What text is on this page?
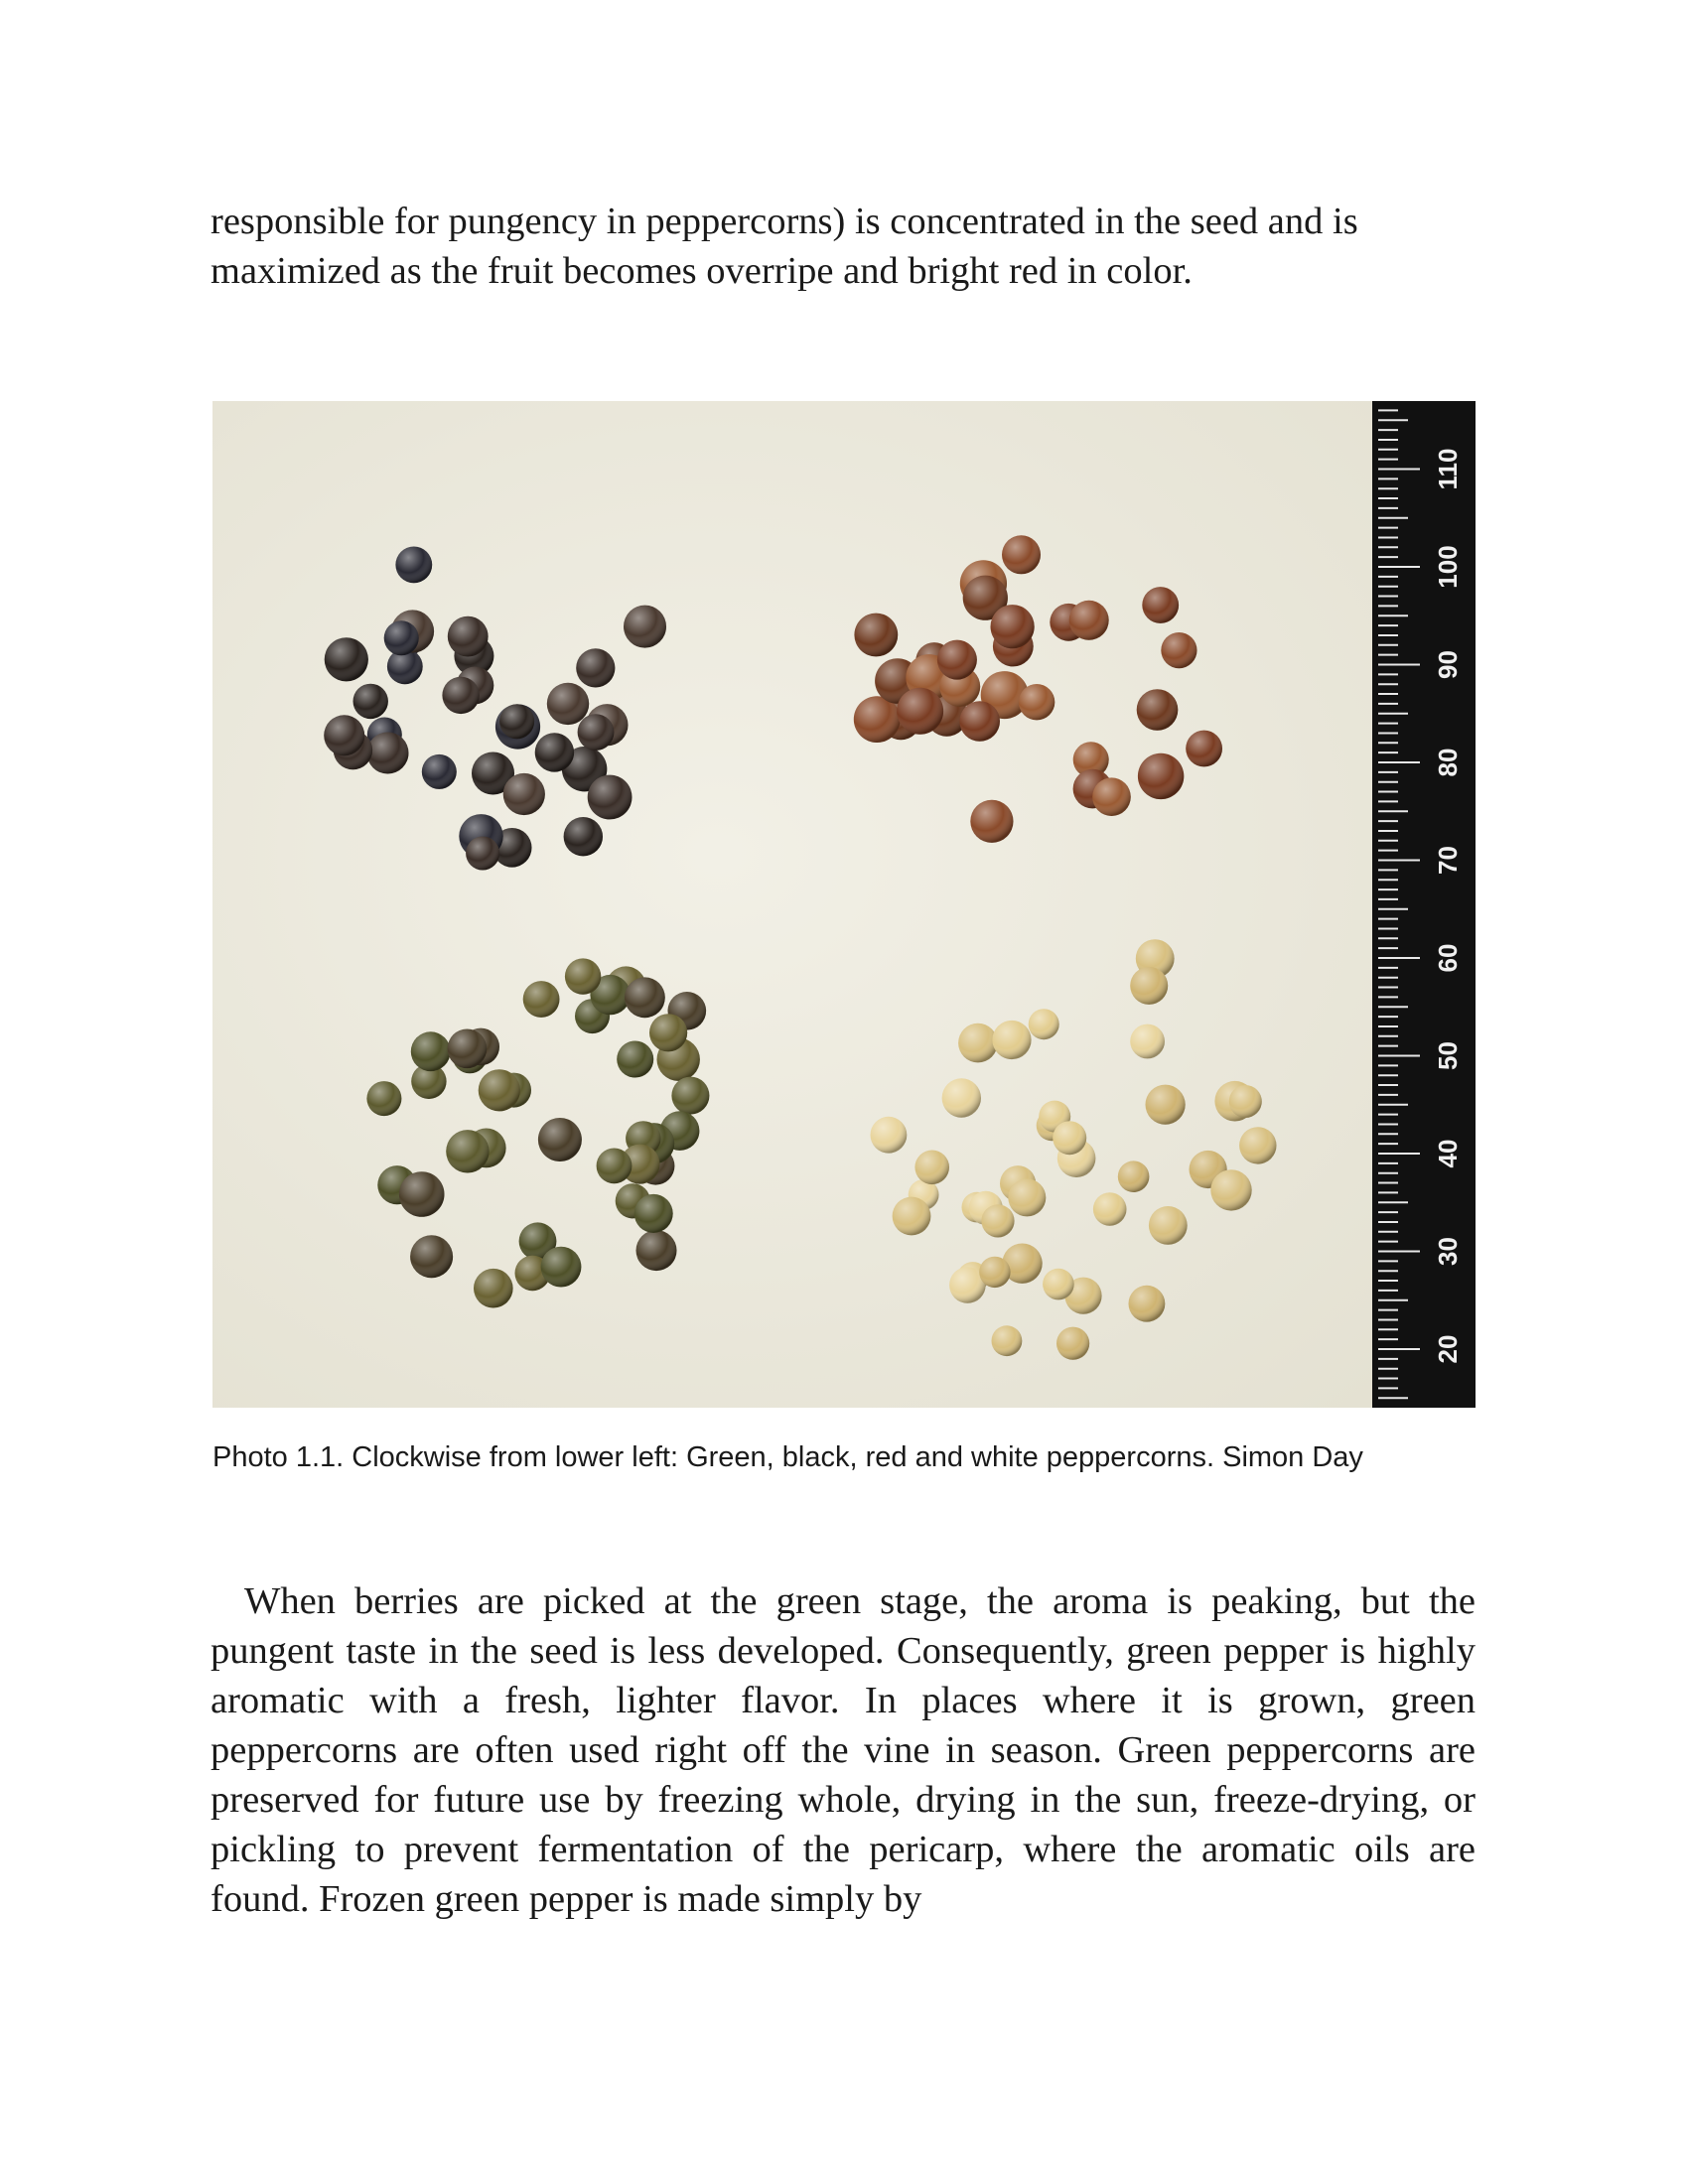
responsible for pungency in peppercorns) is concentrated in the seed and is maximized as the fruit becomes overripe and bright red in color.

20
30
40
50
60
70
80
90
100
110

Photo 1.1. Clockwise from lower left: Green, black, red and white peppercorns. Simon Day

When berries are picked at the green stage, the aroma is peaking, but the pungent taste in the seed is less developed. Consequently, green pepper is highly aromatic with a fresh, lighter flavor. In places where it is grown, green peppercorns are often used right off the vine in season. Green peppercorns are preserved for future use by freezing whole, drying in the sun, freeze-drying, or pickling to prevent fermentation of the pericarp, where the aromatic oils are found. Frozen green pepper is made simply by
